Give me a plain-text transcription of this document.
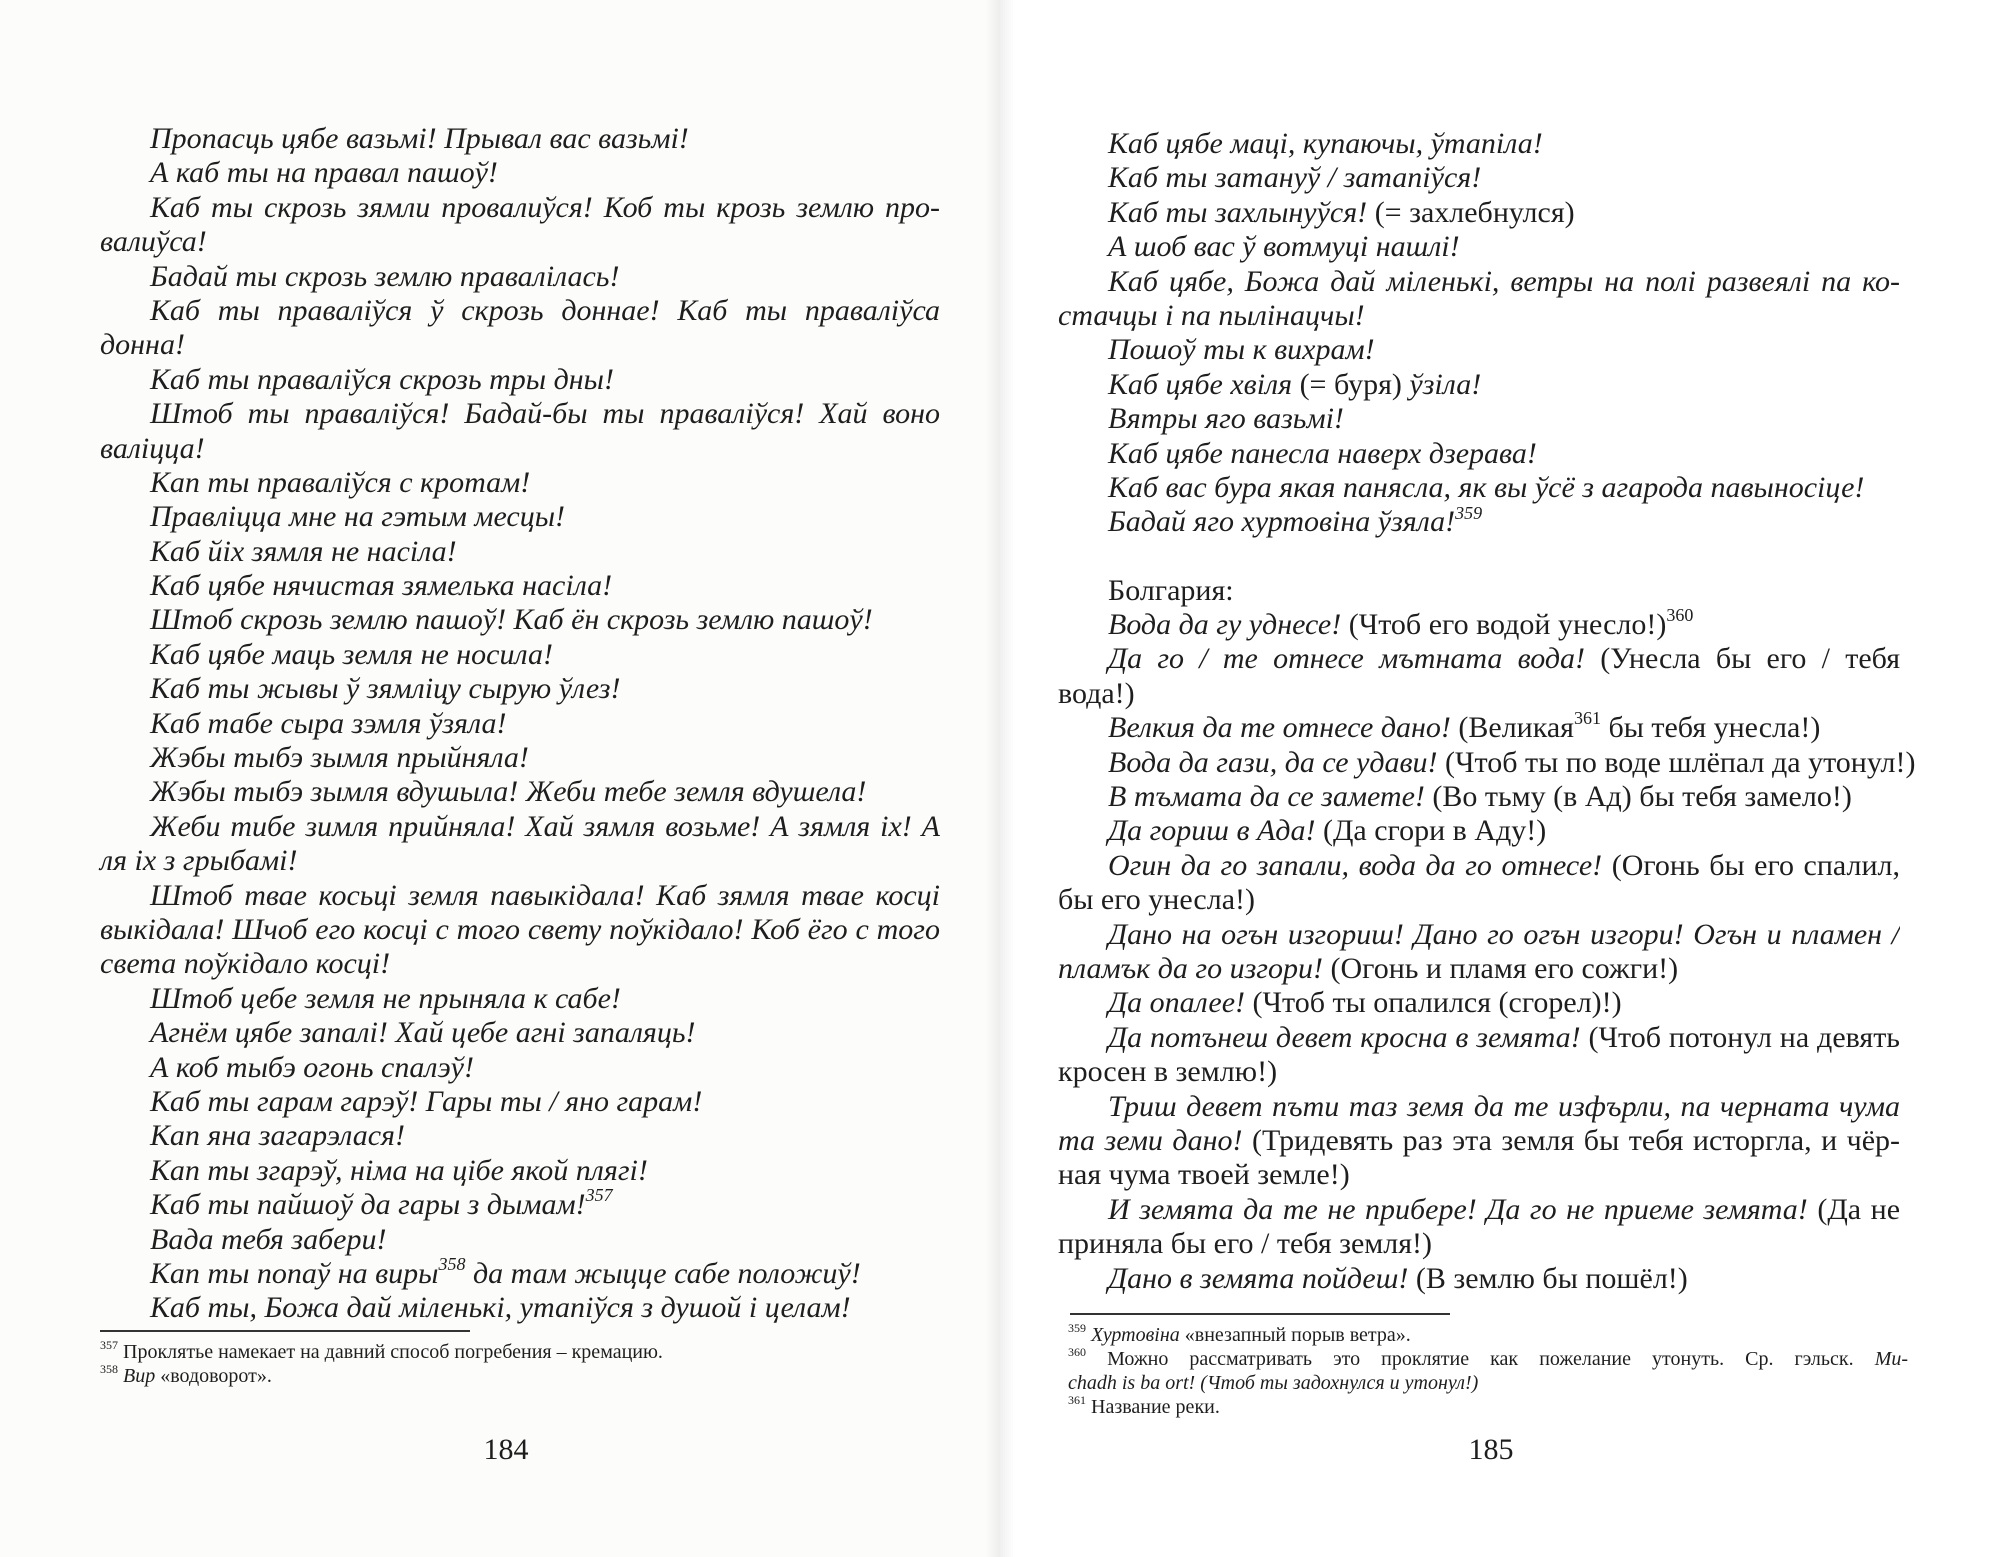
Пропасць цябе вазьмі! Прывал вас вазьмі!
А каб ты на правал пашоў!
Каб ты скрозь зямли провалиўся! Коб ты крозь землю про-
валиўса!
Бадай ты скрозь землю правалілась!
Каб ты праваліўся ў скрозь доннае! Каб ты праваліўса
донна!
Каб ты праваліўся скрозь тры дны!
Штоб ты праваліўся! Бадай-бы ты праваліўся! Хай воно
валіцца!
Кап ты праваліўся с кротам!
Правліцца мне на гэтым месцы!
Каб йіх зямля не насіла!
Каб цябе нячистая зямелька насіла!
Штоб скрозь землю пашоў! Каб ён скрозь землю пашоў!
Каб цябе маць земля не носила!
Каб ты жывы ў зямліцу сырую ўлез!
Каб табе сыра зэмля ўзяла!
Жэбы тыбэ зымля прыйняла!
Жэбы тыбэ зымля вдушыла! Жеби тебе земля вдушела!
Жеби тибе зимля прийняла! Хай зямля возьме! А зямля іх! А
ля іх з грыбамі!
Штоб твае косьці земля павыкідала! Каб зямля твае косці
выкідала! Шчоб его косці с того свету поўкідало! Коб ёго с того
света поўкідало косці!
Штоб цебе земля не прыняла к сабе!
Агнём цябе запалі! Хай цебе агні запаляць!
А коб тыбэ огонь спалэў!
Каб ты гарам гарэў! Гары ты / яно гарам!
Кап яна загарэлася!
Кап ты згарэў, німа на цібе якой плягі!
Каб ты пайшоў да гары з дымам!$^{357}$
Вада тебя забери!
Кап ты попаў на виры$^{358}$ да там жыцце сабе положиў!
Каб ты, Божа дай міленькі, утапіўся з душой і целам!
$^{357}$ Проклятье намекает на давний способ погребения – кремацию.
$^{358}$ Вир «водоворот».
184
Каб цябе маці, купаючы, ўтапіла!
Каб ты затануў / затапіўся!
Каб ты захлынуўся! (= захлебнулся)
А шоб вас ў вотмуці нашлі!
Каб цябе, Божа дай міленькі, ветры на полі развеялі па ко-
стачцы і па пылінацчы!
Пошоў ты к вихрам!
Каб цябе хвіля (= буря) ўзіла!
Вятры яго вазьмі!
Каб цябе панесла наверх дзерава!
Каб вас бура якая панясла, як вы ўсё з агарода павыносіце!
Бадай яго хуртовіна ўзяла!$^{359}$
Болгария:
Вода да гу уднесе! (Чтоб его водой унесло!)$^{360}$
Да го / те отнесе мътната вода! (Унесла бы его / тебя
вода!)
Велкия да те отнесе дано! (Великая$^{361}$ бы тебя унесла!)
Вода да гази, да се удави! (Чтоб ты по воде шлёпал да утонул!)
В тъмата да се замете! (Во тьму (в Ад) бы тебя замело!)
Да гориш в Ада! (Да сгори в Аду!)
Огин да го запали, вода да го отнесе! (Огонь бы его спалил,
бы его унесла!)
Дано на огън изгориш! Дано го огън изгори! Огън и пламен /
пламък да го изгори! (Огонь и пламя его сожги!)
Да опалее! (Чтоб ты опалился (сгорел)!)
Да потънеш девет кросна в земята! (Чтоб потонул на девять
кросен в землю!)
Триш девет пъти таз земя да те изфърли, па черната чума
та земи дано! (Тридевять раз эта земля бы тебя исторгла, и чёр-
ная чума твоей земле!)
И земята да те не прибере! Да го не приеме земята! (Да не
приняла бы его / тебя земля!)
Дано в земята пойдеш! (В землю бы пошёл!)
$^{359}$ Хуртовіна «внезапный порыв ветра».
$^{360}$ Можно рассматривать это проклятие как пожелание утонуть. Ср. гэльск. Mu-
chadh is ba ort! (Чтоб ты задохнулся и утонул!)
$^{361}$ Название реки.
185
